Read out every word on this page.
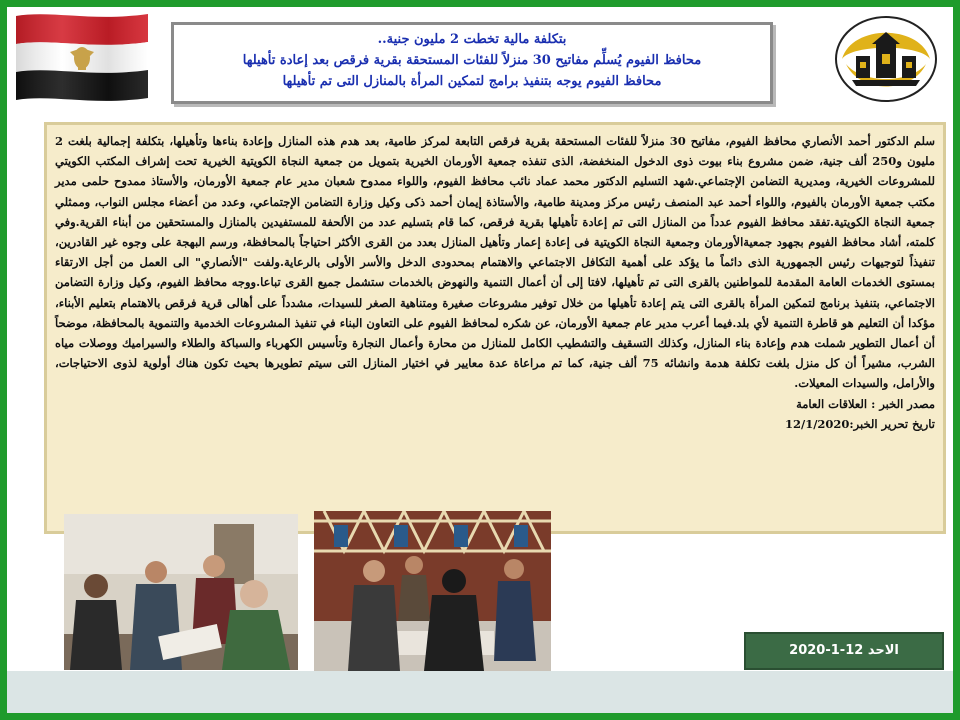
بتكلفة مالية تخطت 2 مليون جنية..
محافظ الفيوم يُسلِّم مفاتيح 30 منزلاً للفئات المستحقة بقرية فرقص بعد إعادة تأهيلها
محافظ الفيوم يوجه بتنفيذ برامج لتمكين المرأة بالمنازل التى تم تأهيلها
سلم الدكتور أحمد الأنصاري محافظ الفيوم، مفاتيح 30 منزلاً للفئات المستحقة بقرية فرقص التابعة لمركز طامية، بعد هدم هذه المنازل وإعادة بناءها وتأهيلها، بتكلفة إجمالية بلغت 2 مليون و250 ألف جنية، ضمن مشروع بناء بيوت ذوى الدخول المنخفضة، الذى تنفذه جمعية الأورمان الخيرية بتمويل من جمعية النجاة الكويتية الخيرية تحت إشراف المكتب الكويتي للمشروعات الخيرية، ومديرية التضامن الإجتماعي.شهد التسليم الدكتور محمد عماد نائب محافظ الفيوم، واللواء ممدوح شعبان مدير عام جمعية الأورمان، والأستاذ ممدوح حلمى مدير مكتب جمعية الأورمان بالفيوم، واللواء أحمد عبد المنصف رئيس مركز ومدينة طامية، والأستاذة إيمان أحمد ذكى وكيل وزارة التضامن الإجتماعي، وعدد من أعضاء مجلس النواب، وممثلي جمعية النجاة الكويتية.تفقد محافظ الفيوم عدداً من المنازل التى تم إعادة تأهيلها بقرية فرقص، كما قام بتسليم عدد من الألحفة للمستفيدين بالمنازل والمستحقين من أبناء القرية.وفي كلمته، أشاد محافظ الفيوم بجهود جمعيةالأورمان وجمعية النجاة الكويتية فى إعادة إعمار وتأهيل المنازل بعدد من القرى الأكثر احتياجاً بالمحافظة، ورسم البهجة على وجوه غير القادرين، تنفيذاً لتوجيهات رئيس الجمهورية الذى دائماً ما يؤكد على أهمية التكافل الاجتماعي والاهتمام بمحدودى الدخل والأسر الأولى بالرعاية.ولفت "الأنصاري" الى العمل من أجل الارتقاء بمستوى الخدمات العامة المقدمة للمواطنين بالقرى التى تم تأهيلها، لافتا إلى أن أعمال التنمية والنهوض بالخدمات ستشمل جميع القرى تباعا.ووجه محافظ الفيوم، وكيل وزارة التضامن الاجتماعي، بتنفيذ برنامج لتمكين المرأة بالقرى التى يتم إعادة تأهيلها من خلال توفير مشروعات صغيرة ومتناهية الصغر للسيدات، مشدداً على أهالى قرية فرقص بالاهتمام بتعليم الأبناء، مؤكدا أن التعليم هو قاطرة التنمية لأي بلد.فيما أعرب مدير عام جمعية الأورمان، عن شكره لمحافظ الفيوم على التعاون البناء في تنفيذ المشروعات الخدمية والتنموية بالمحافظة، موضحاً أن أعمال التطوير شملت هدم وإعادة بناء المنازل، وكذلك التسقيف والتشطيب الكامل للمنازل من محارة وأعمال النجارة وتأسيس الكهرباء والسباكة والطلاء والسيراميك ووصلات مياه الشرب، مشيراً أن كل منزل بلغت تكلفة هدمة وانشائه 75 ألف جنية، كما تم مراعاة عدة معايير في اختيار المنازل التى سيتم تطويرها بحيث تكون هناك أولوية لذوى الاحتياجات، والأرامل، والسيدات المعيلات.
مصدر الخبر : العلاقات العامة
تاريخ تحرير الخبر:12/1/2020
الاحد 12-1-2020
